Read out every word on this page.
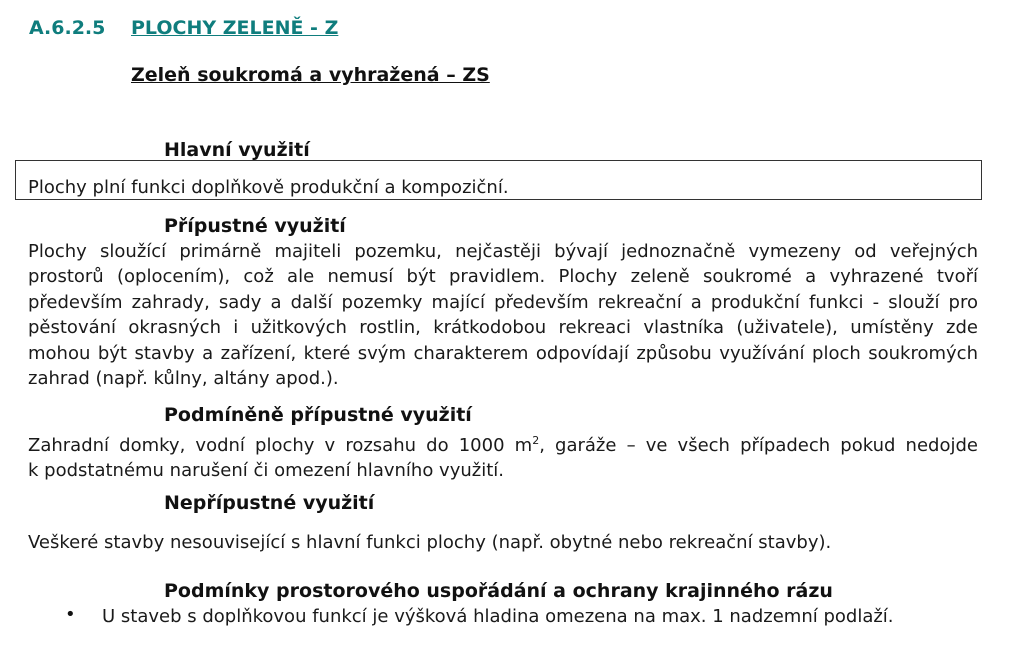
A.6.2.5 PLOCHY ZELENĚ - Z
Zeleň soukromá a vyhražená – ZS
Hlavní využití
Plochy plní funkci doplňkově produkční a kompoziční.
Přípustné využití
Plochy sloužící primárně majiteli pozemku, nejčastěji bývají jednoznačně vymezeny od veřejných
prostorů (oplocením), což ale nemusí být pravidlem. Plochy zeleně soukromé a vyhrazené tvoří
především zahrady, sady a další pozemky mající především rekreační a produkční funkci - slouží pro
pěstování okrasných i užitkových rostlin, krátkodobou rekreaci vlastníka (uživatele), umístěny zde
mohou být stavby a zařízení, které svým charakterem odpovídají způsobu využívání ploch soukromých
zahrad (např. kůlny, altány apod.).
Podmíněně přípustné využití
Zahradní domky, vodní plochy v rozsahu do 1000 $m^2$, garáže – ve všech případech pokud nedojde
k podstatnému narušení či omezení hlavního využití.
Nepřípustné využití
Veškeré stavby nesouvisející s hlavní funkci plochy (např. obytné nebo rekreační stavby).
Podmínky prostorového uspořádání a ochrany krajinného rázu
• U staveb s doplňkovou funkcí je výšková hladina omezena na max. 1 nadzemní podlaží.
